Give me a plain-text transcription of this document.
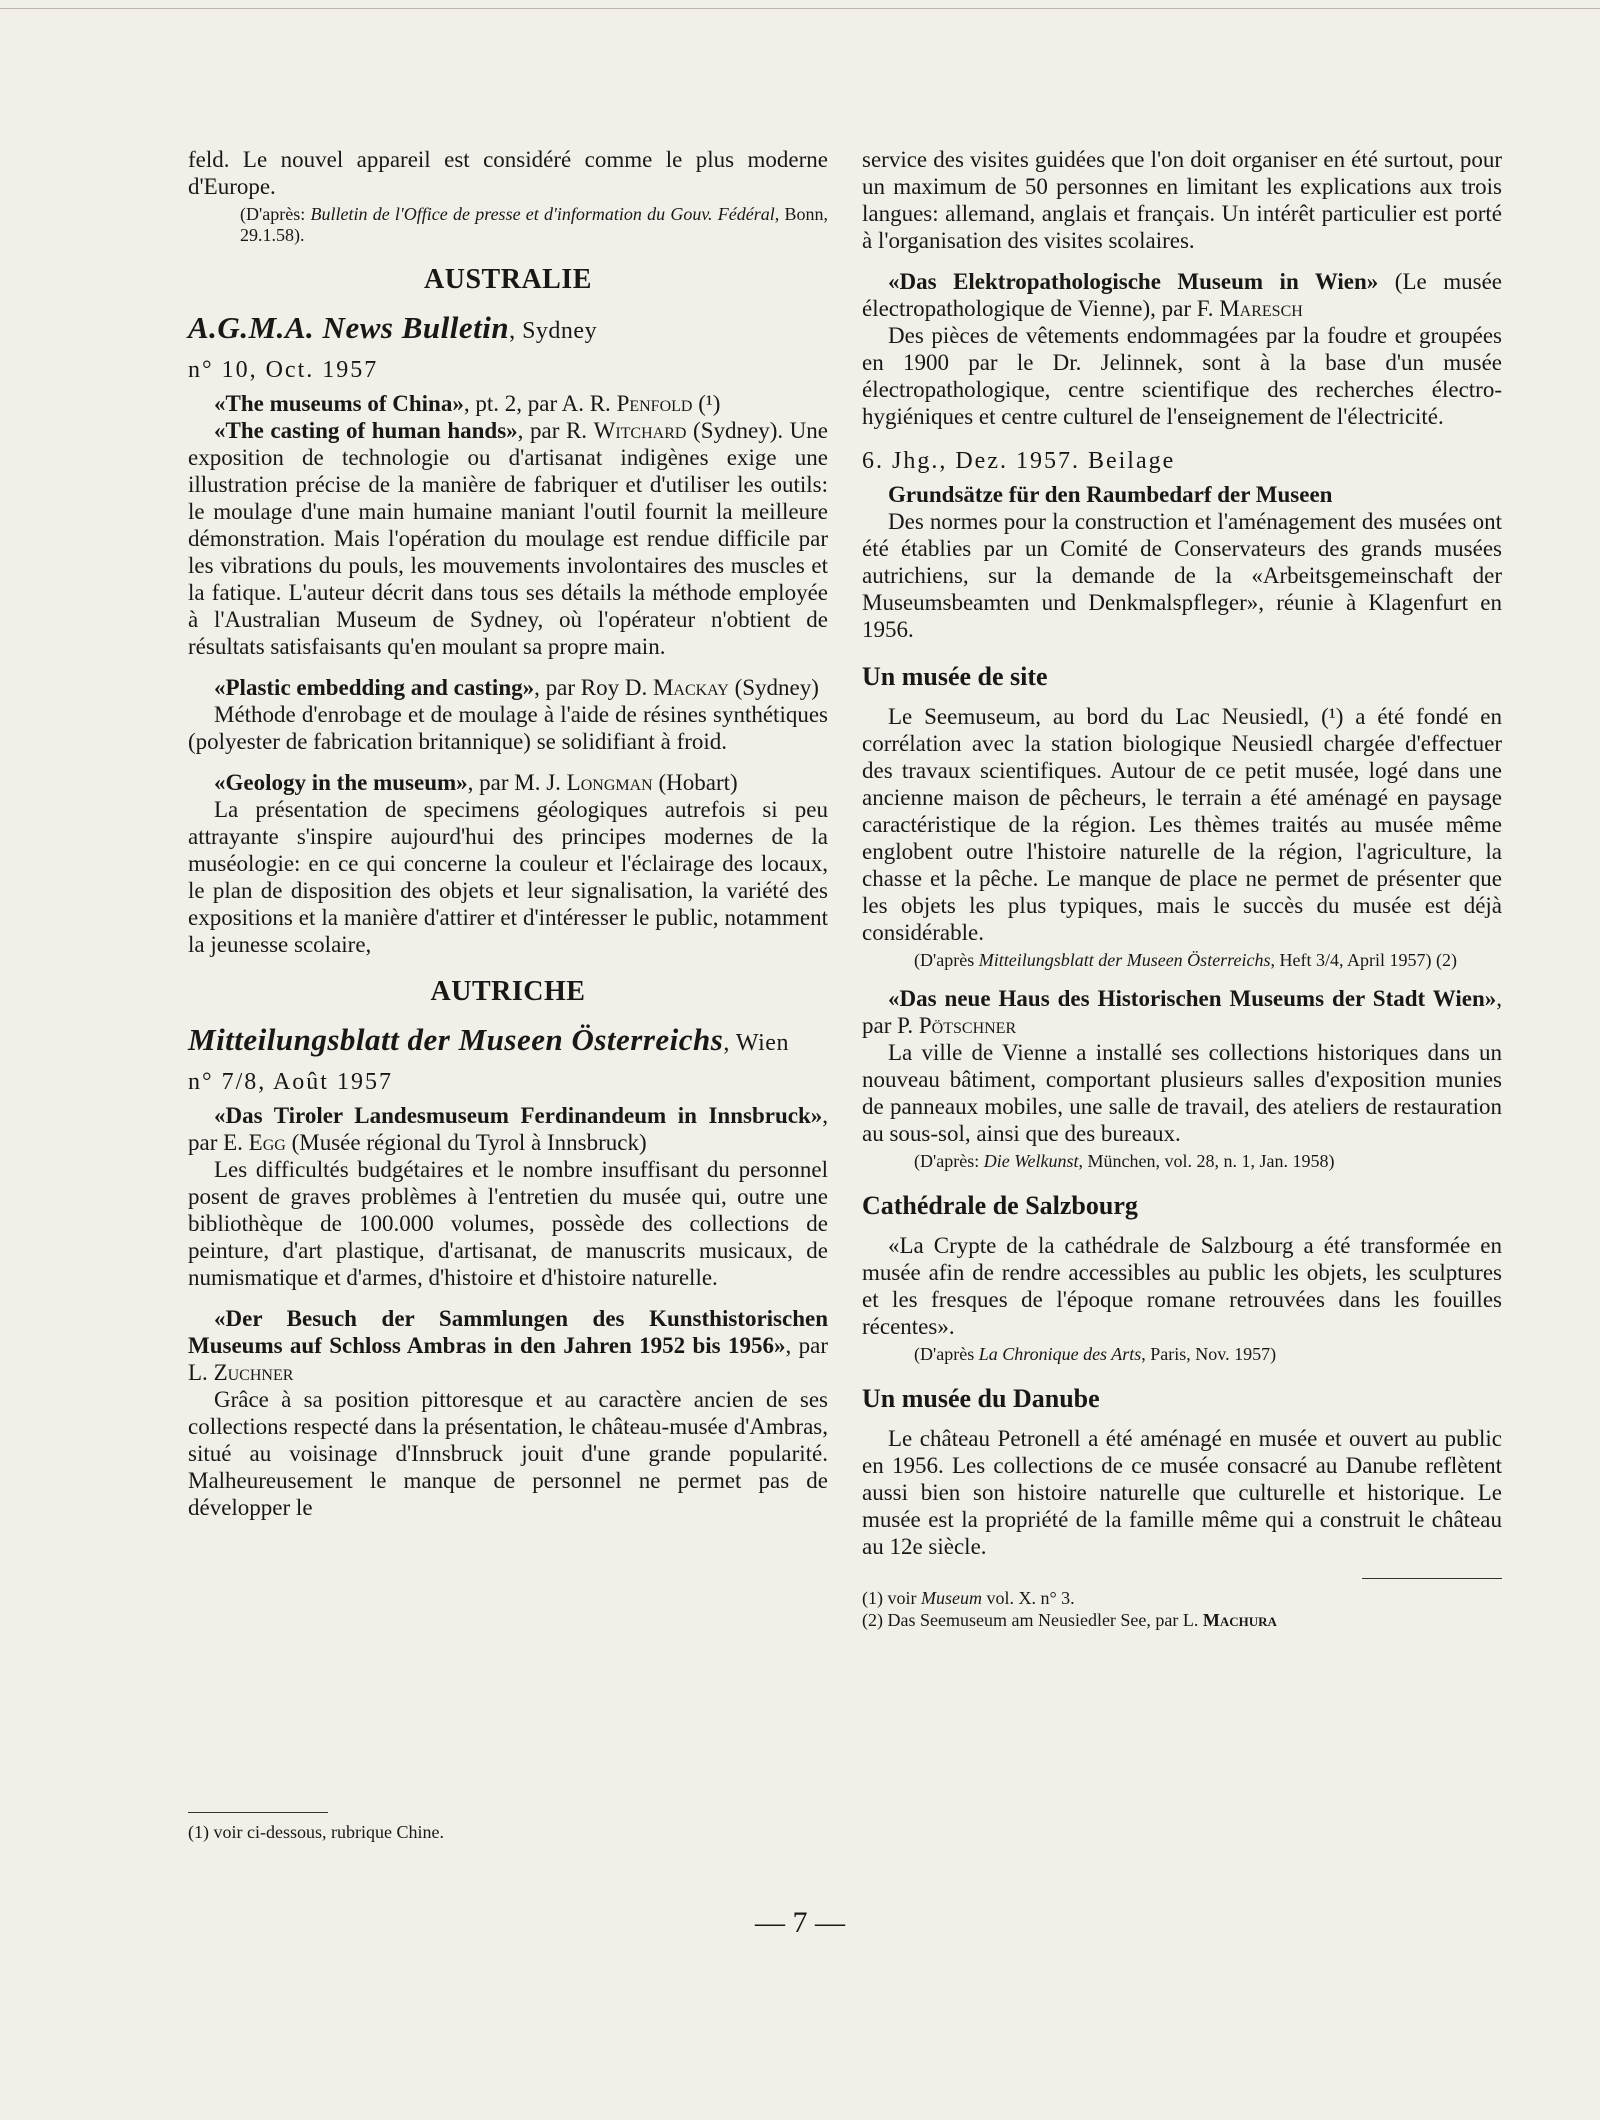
feld. Le nouvel appareil est considéré comme le plus moderne d'Europe.

(D'après: Bulletin de l'Office de presse et d'information du Gouv. Fédéral, Bonn, 29.1.58).

AUSTRALIE
A.G.M.A. News Bulletin, Sydney
n° 10, Oct. 1957

«The museums of China», pt. 2, par A. R. Penfold (¹)

«The casting of human hands», par R. Witchard (Sydney). Une exposition de technologie ou d'artisanat indigènes exige une illustration précise de la manière de fabriquer et d'utiliser les outils: le moulage d'une main humaine maniant l'outil fournit la meilleure démonstration. Mais l'opération du moulage est rendue difficile par les vibrations du pouls, les mouvements involontaires des muscles et la fatique. L'auteur décrit dans tous ses détails la méthode employée à l'Australian Museum de Sydney, où l'opérateur n'obtient de résultats satisfaisants qu'en moulant sa propre main.

«Plastic embedding and casting», par Roy D. Mackay (Sydney)

Méthode d'enrobage et de moulage à l'aide de résines synthétiques (polyester de fabrication britannique) se solidifiant à froid.

«Geology in the museum», par M. J. Longman (Hobart)

La présentation de specimens géologiques autrefois si peu attrayante s'inspire aujourd'hui des principes modernes de la muséologie: en ce qui concerne la couleur et l'éclairage des locaux, le plan de disposition des objets et leur signalisation, la variété des expositions et la manière d'attirer et d'intéresser le public, notamment la jeunesse scolaire,

AUTRICHE
Mitteilungsblatt der Museen Österreichs, Wien
n° 7/8, Août 1957

«Das Tiroler Landesmuseum Ferdinandeum in Innsbruck», par E. Egg (Musée régional du Tyrol à Innsbruck)

Les difficultés budgétaires et le nombre insuffisant du personnel posent de graves problèmes à l'entretien du musée qui, outre une bibliothèque de 100.000 volumes, possède des collections de peinture, d'art plastique, d'artisanat, de manuscrits musicaux, de numismatique et d'armes, d'histoire et d'histoire naturelle.

«Der Besuch der Sammlungen des Kunsthistorischen Museums auf Schloss Ambras in den Jahren 1952 bis 1956», par L. Zuchner

Grâce à sa position pittoresque et au caractère ancien de ses collections respecté dans la présentation, le château-musée d'Ambras, situé au voisinage d'Innsbruck jouit d'une grande popularité. Malheureusement le manque de personnel ne permet pas de développer le

(1) voir ci-dessous, rubrique Chine.

service des visites guidées que l'on doit organiser en été surtout, pour un maximum de 50 personnes en limitant les explications aux trois langues: allemand, anglais et français. Un intérêt particulier est porté à l'organisation des visites scolaires.

«Das Elektropathologische Museum in Wien» (Le musée électropathologique de Vienne), par F. Maresch

Des pièces de vêtements endommagées par la foudre et groupées en 1900 par le Dr. Jelinnek, sont à la base d'un musée électropathologique, centre scientifique des recherches électro-hygiéniques et centre culturel de l'enseignement de l'électricité.

6. Jhg., Dez. 1957. Beilage

Grundsätze für den Raumbedarf der Museen

Des normes pour la construction et l'aménagement des musées ont été établies par un Comité de Conservateurs des grands musées autrichiens, sur la demande de la «Arbeitsgemeinschaft der Museumsbeamten und Denkmalspfleger», réunie à Klagenfurt en 1956.

Un musée de site

Le Seemuseum, au bord du Lac Neusiedl, (¹) a été fondé en corrélation avec la station biologique Neusiedl chargée d'effectuer des travaux scientifiques. Autour de ce petit musée, logé dans une ancienne maison de pêcheurs, le terrain a été aménagé en paysage caractéristique de la région. Les thèmes traités au musée même englobent outre l'histoire naturelle de la région, l'agriculture, la chasse et la pêche. Le manque de place ne permet de présenter que les objets les plus typiques, mais le succès du musée est déjà considérable.

(D'après Mitteilungsblatt der Museen Österreichs, Heft 3/4, April 1957) (2)

«Das neue Haus des Historischen Museums der Stadt Wien», par P. Pötschner

La ville de Vienne a installé ses collections historiques dans un nouveau bâtiment, comportant plusieurs salles d'exposition munies de panneaux mobiles, une salle de travail, des ateliers de restauration au sous-sol, ainsi que des bureaux.

(D'après: Die Welkunst, München, vol. 28, n. 1, Jan. 1958)

Cathédrale de Salzbourg

«La Crypte de la cathédrale de Salzbourg a été transformée en musée afin de rendre accessibles au public les objets, les sculptures et les fresques de l'époque romane retrouvées dans les fouilles récentes».

(D'après La Chronique des Arts, Paris, Nov. 1957)

Un musée du Danube

Le château Petronell a été aménagé en musée et ouvert au public en 1956. Les collections de ce musée consacré au Danube reflètent aussi bien son histoire naturelle que culturelle et historique. Le musée est la propriété de la famille même qui a construit le château au 12e siècle.

(1) voir Museum vol. X. n° 3.

(2) Das Seemuseum am Neusiedler See, par L. Machura

— 7 —
